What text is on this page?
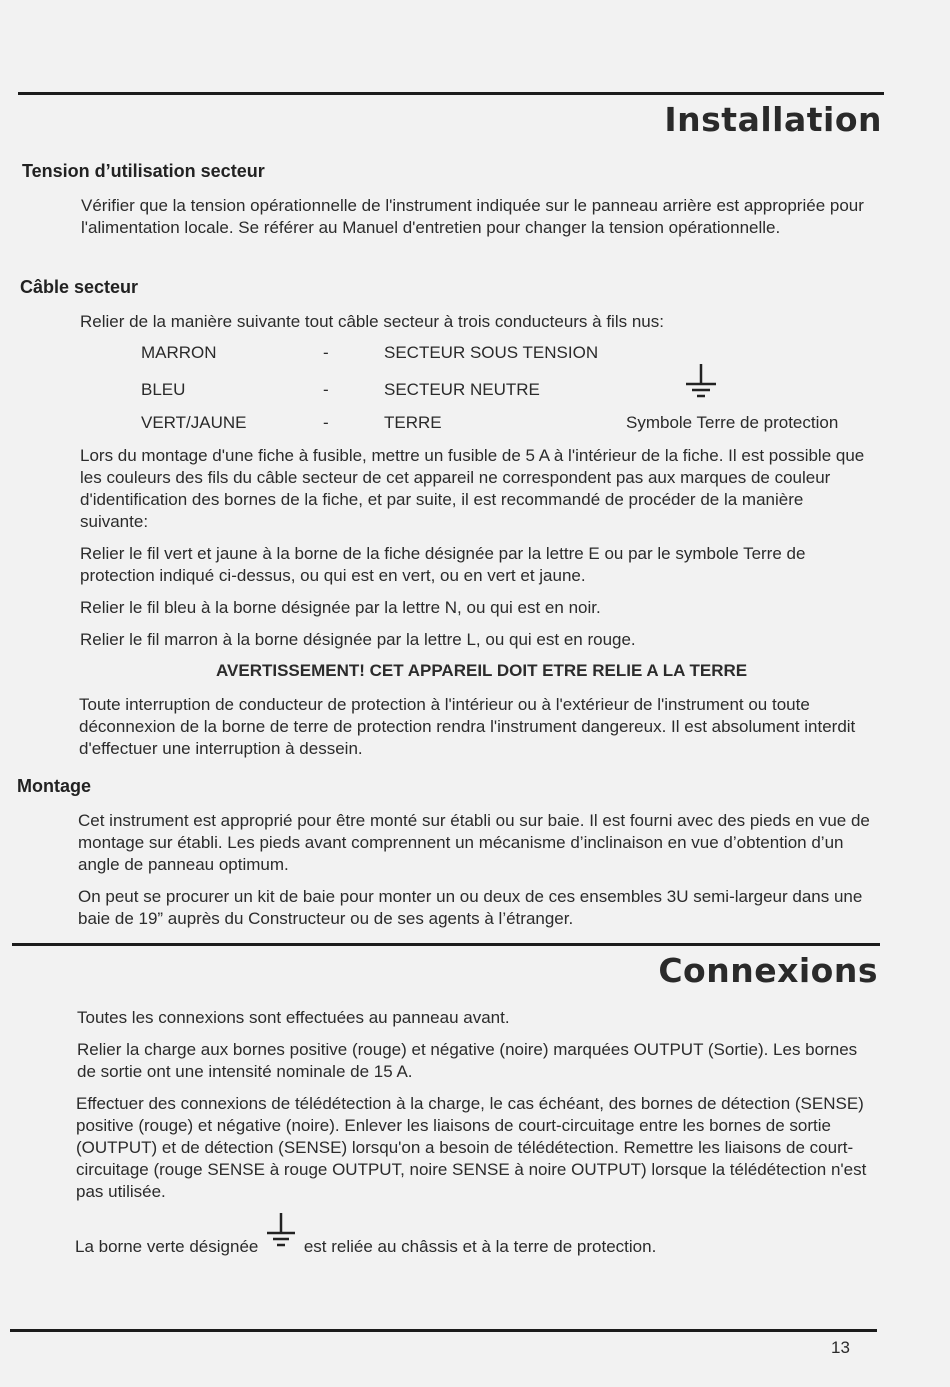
Installation
Tension d’utilisation secteur
Vérifier que la tension opérationnelle de l'instrument indiquée sur le panneau arrière est appropriée pour l'alimentation locale. Se référer au Manuel d'entretien pour changer la tension opérationnelle.
Câble secteur
Relier de la manière suivante tout câble secteur à trois conducteurs à fils nus:
MARRON	-	SECTEUR SOUS TENSION
BLEU	-	SECTEUR NEUTRE
VERT/JAUNE	-	TERRE	Symbole Terre de protection
Lors du montage d'une fiche à fusible, mettre un fusible de 5 A à l'intérieur de la fiche. Il est possible que les couleurs des fils du câble secteur de cet appareil ne correspondent pas aux marques de couleur d'identification des bornes de la fiche, et par suite, il est recommandé de procéder de la manière suivante:
Relier le fil vert et jaune à la borne de la fiche désignée par la lettre E ou par le symbole Terre de protection indiqué ci-dessus, ou qui est en vert, ou en vert et jaune.
Relier le fil bleu à la borne désignée par la lettre N, ou qui est en noir.
Relier le fil marron à la borne désignée par la lettre L, ou qui est en rouge.
AVERTISSEMENT! CET APPAREIL DOIT ETRE RELIE A LA TERRE
Toute interruption de conducteur de protection à l'intérieur ou à l'extérieur de l'instrument ou toute déconnexion de la borne de terre de protection rendra l'instrument dangereux. Il est absolument interdit d'effectuer une interruption à dessein.
Montage
Cet instrument est approprié pour être monté sur établi ou sur baie. Il est fourni avec des pieds en vue de montage sur établi. Les pieds avant comprennent un mécanisme d’inclinaison en vue d’obtention d’un angle de panneau optimum.
On peut se procurer un kit de baie pour monter un ou deux de ces ensembles 3U semi-largeur dans une baie de 19” auprès du Constructeur ou de ses agents à l’étranger.
Connexions
Toutes les connexions sont effectuées au panneau avant.
Relier la charge aux bornes positive (rouge) et négative (noire) marquées OUTPUT (Sortie). Les bornes de sortie ont une intensité nominale de 15 A.
Effectuer des connexions de télédétection à la charge, le cas échéant, des bornes de détection (SENSE) positive (rouge) et négative (noire). Enlever les liaisons de court-circuitage entre les bornes de sortie (OUTPUT) et de détection (SENSE) lorsqu'on a besoin de télédétection. Remettre les liaisons de court-circuitage (rouge SENSE à rouge OUTPUT, noire SENSE à noire OUTPUT) lorsque la télédétection n'est pas utilisée.
La borne verte désignée	est reliée au châssis et à la terre de protection.
13
